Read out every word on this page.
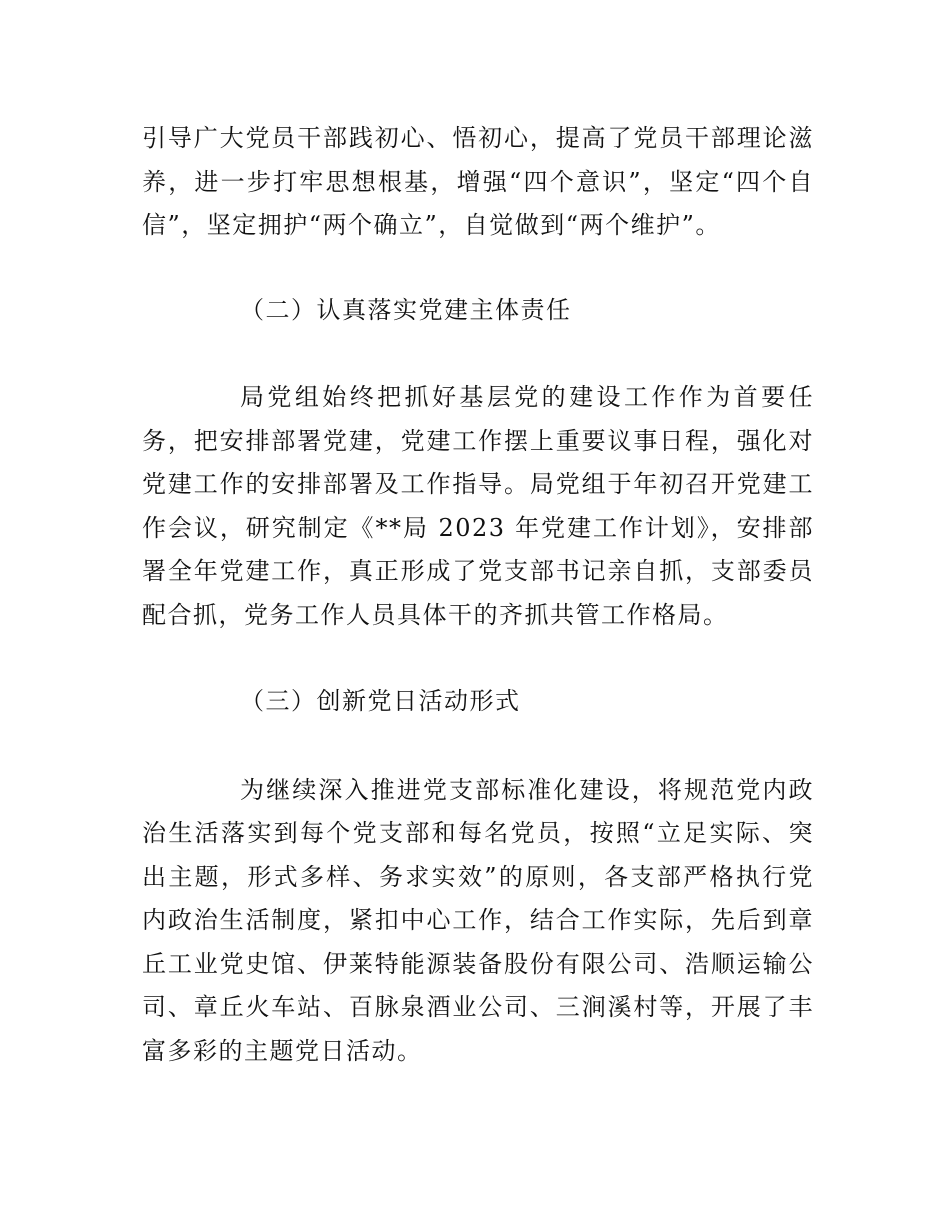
引导广大党员干部践初心、悟初心，提高了党员干部理论滋养，进一步打牢思想根基，增强“四个意识”，坚定“四个自信”，坚定拥护“两个确立”，自觉做到“两个维护”。

（二）认真落实党建主体责任

局党组始终把抓好基层党的建设工作作为首要任务，把安排部署党建，党建工作摆上重要议事日程，强化对党建工作的安排部署及工作指导。局党组于年初召开党建工作会议，研究制定《**局 2023 年党建工作计划》，安排部署全年党建工作，真正形成了党支部书记亲自抓，支部委员配合抓，党务工作人员具体干的齐抓共管工作格局。

（三）创新党日活动形式

为继续深入推进党支部标准化建设，将规范党内政治生活落实到每个党支部和每名党员，按照“立足实际、突出主题，形式多样、务求实效”的原则，各支部严格执行党内政治生活制度，紧扣中心工作，结合工作实际，先后到章丘工业党史馆、伊莱特能源装备股份有限公司、浩顺运输公司、章丘火车站、百脉泉酒业公司、三涧溪村等，开展了丰富多彩的主题党日活动。
